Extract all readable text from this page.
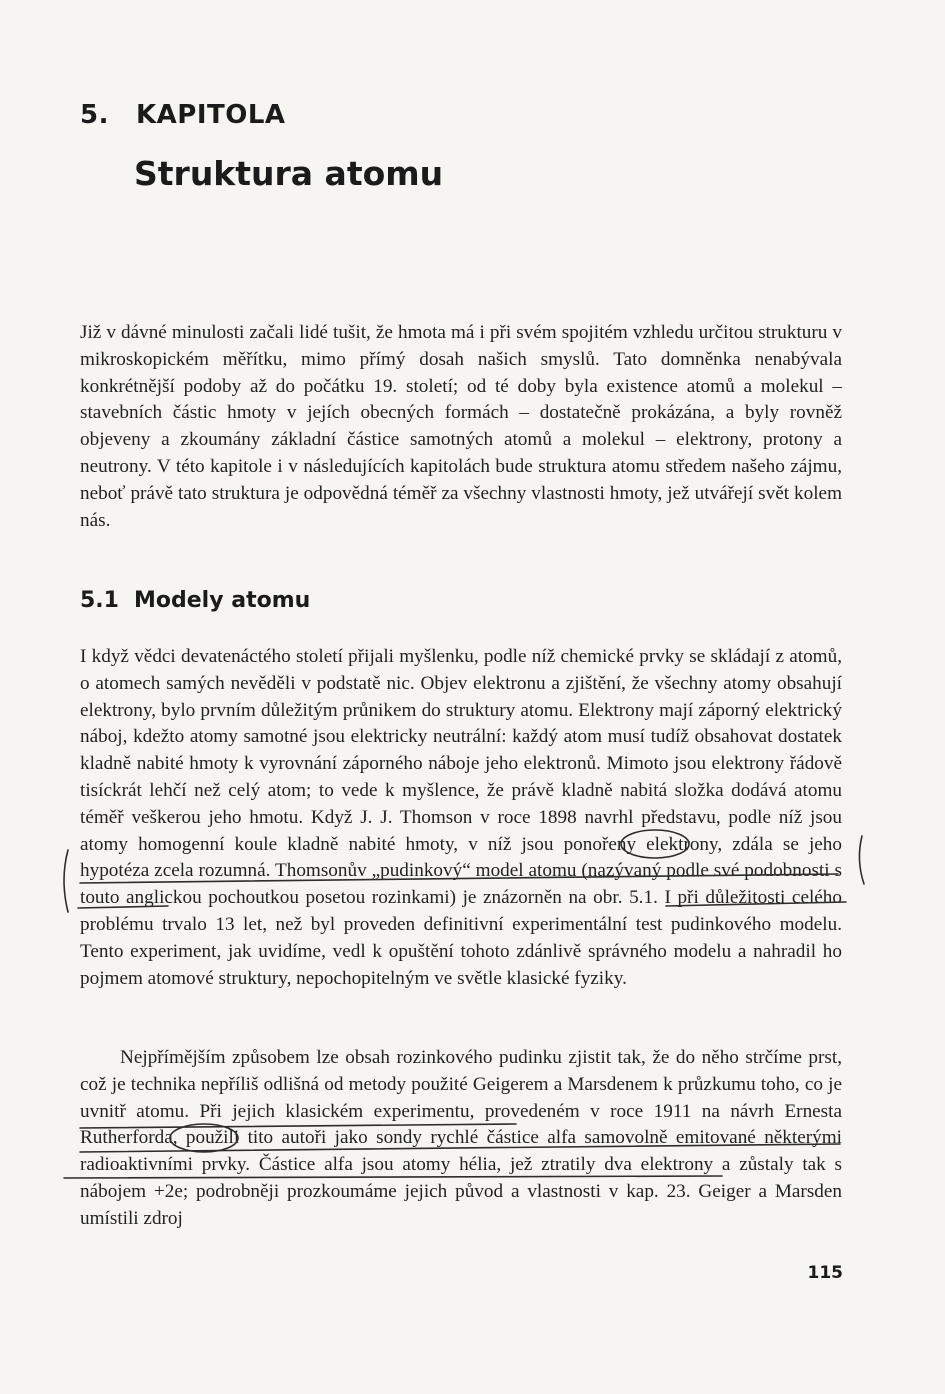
5. KAPITOLA
Struktura atomu

Již v dávné minulosti začali lidé tušit, že hmota má i při svém spojitém vzhledu určitou strukturu v mikroskopickém měřítku, mimo přímý dosah našich smyslů. Tato domněnka nenabývala konkrétnější podoby až do počátku 19. století; od té doby byla existence atomů a molekul – stavebních částic hmoty v jejích obecných formách – dostatečně prokázána, a byly rovněž objeveny a zkoumány základní částice samotných atomů a molekul – elektrony, protony a neutrony. V této kapitole i v následujících kapitolách bude struktura atomu středem našeho zájmu, neboť právě tato struktura je odpovědná téměř za všechny vlastnosti hmoty, jež utvářejí svět kolem nás.

5.1 Modely atomu

I když vědci devatenáctého století přijali myšlenku, podle níž chemické prvky se skládají z atomů, o atomech samých nevěděli v podstatě nic. Objev elektronu a zjištění, že všechny atomy obsahují elektrony, bylo prvním důležitým průnikem do struktury atomu. Elektrony mají záporný elektrický náboj, kdežto atomy samotné jsou elektricky neutrální: každý atom musí tudíž obsahovat dostatek kladně nabité hmoty k vyrovnání záporného náboje jeho elektronů. Mimoto jsou elektrony řádově tisíckrát lehčí než celý atom; to vede k myšlence, že právě kladně nabitá složka dodává atomu téměř veškerou jeho hmotu. Když J. J. Thomson v roce 1898 navrhl představu, podle níž jsou atomy homogenní koule kladně nabité hmoty, v níž jsou ponořeny elektrony, zdála se jeho hypotéza zcela rozumná. Thomsonův „pudinkový“ model atomu (nazývaný podle své podobnosti s touto anglickou pochoutkou posetou rozinkami) je znázorněn na obr. 5.1. I při důležitosti celého problému trvalo 13 let, než byl proveden definitivní experimentální test pudinkového modelu. Tento experiment, jak uvidíme, vedl k opuštění tohoto zdánlivě správného modelu a nahradil ho pojmem atomové struktury, nepochopitelným ve světle klasické fyziky.

Nejpřímějším způsobem lze obsah rozinkového pudinku zjistit tak, že do něho strčíme prst, což je technika nepříliš odlišná od metody použité Geigerem a Marsdenem k průzkumu toho, co je uvnitř atomu. Při jejich klasickém experimentu, provedeném v roce 1911 na návrh Ernesta Rutherforda, použili tito autoři jako sondy rychlé částice alfa samovolně emitované některými radioaktivními prvky. Částice alfa jsou atomy hélia, jež ztratily dva elektrony a zůstaly tak s nábojem +2e; podrobněji prozkoumáme jejich původ a vlastnosti v kap. 23. Geiger a Marsden umístili zdroj

115
